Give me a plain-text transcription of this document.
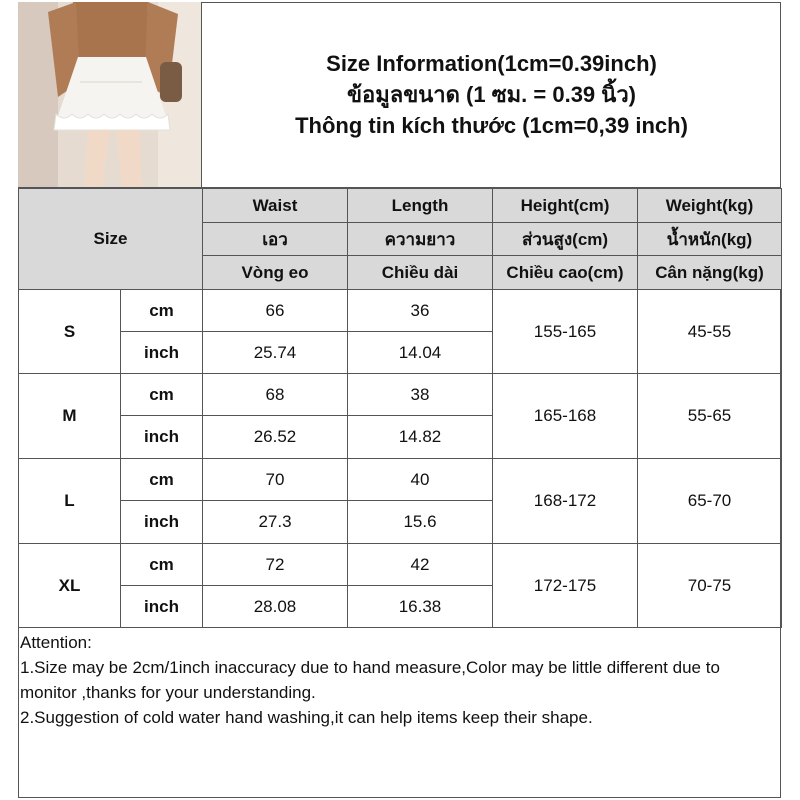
Size Information(1cm=0.39inch)
ข้อมูลขนาด (1 ซม. = 0.39 นิ้ว)
Thông tin kích thước (1cm=0,39 inch)
Size		Waist	Length	Height(cm)	Weight(kg)
		เอว	ความยาว	ส่วนสูง(cm)	น้ำหนัก(kg)
		Vòng eo	Chiều dài	Chiều cao(cm)	Cân nặng(kg)
S	cm	66	36	155-165	45-55
	inch	25.74	14.04		
M	cm	68	38	165-168	55-65
	inch	26.52	14.82		
L	cm	70	40	168-172	65-70
	inch	27.3	15.6		
XL	cm	72	42	172-175	70-75
	inch	28.08	16.38		
Attention:
1.Size may be 2cm/1inch inaccuracy due to hand measure,Color may be little different due to monitor ,thanks for your understanding.
2.Suggestion of cold water hand washing,it can help items keep their shape.
